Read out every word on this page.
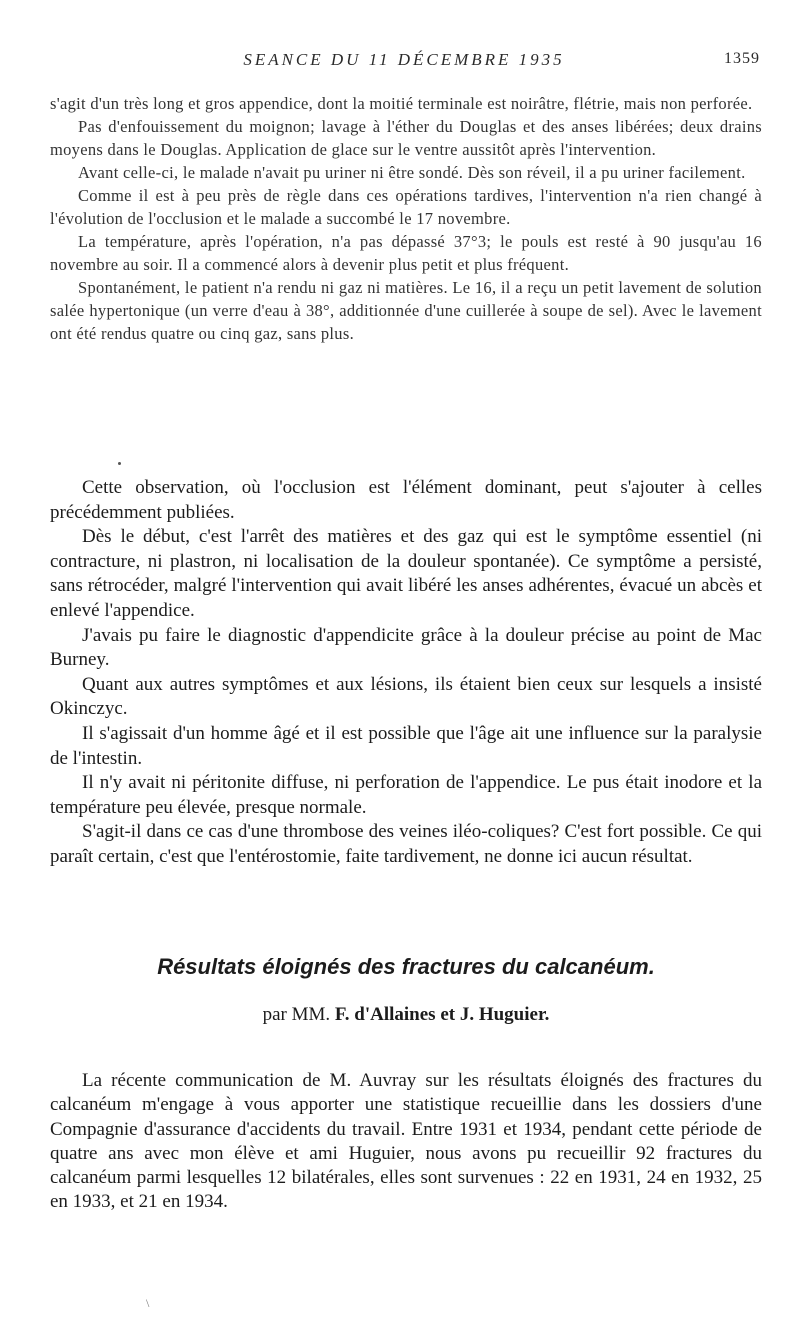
SEANCE DU 11 DÉCEMBRE 1935	1359

s'agit d'un très long et gros appendice, dont la moitié terminale est noirâtre, flétrie, mais non perforée.

Pas d'enfouissement du moignon; lavage à l'éther du Douglas et des anses libérées; deux drains moyens dans le Douglas. Application de glace sur le ventre aussitôt après l'intervention.

Avant celle-ci, le malade n'avait pu uriner ni être sondé. Dès son réveil, il a pu uriner facilement.

Comme il est à peu près de règle dans ces opérations tardives, l'intervention n'a rien changé à l'évolution de l'occlusion et le malade a succombé le 17 novembre.

La température, après l'opération, n'a pas dépassé 37°3; le pouls est resté à 90 jusqu'au 16 novembre au soir. Il a commencé alors à devenir plus petit et plus fréquent.

Spontanément, le patient n'a rendu ni gaz ni matières. Le 16, il a reçu un petit lavement de solution salée hypertonique (un verre d'eau à 38°, additionnée d'une cuillerée à soupe de sel). Avec le lavement ont été rendus quatre ou cinq gaz, sans plus.

Cette observation, où l'occlusion est l'élément dominant, peut s'ajouter à celles précédemment publiées.

Dès le début, c'est l'arrêt des matières et des gaz qui est le symptôme essentiel (ni contracture, ni plastron, ni localisation de la douleur spontanée). Ce symptôme a persisté, sans rétrocéder, malgré l'intervention qui avait libéré les anses adhérentes, évacué un abcès et enlevé l'appendice.

J'avais pu faire le diagnostic d'appendicite grâce à la douleur précise au point de Mac Burney.

Quant aux autres symptômes et aux lésions, ils étaient bien ceux sur lesquels a insisté Okinczyc.

Il s'agissait d'un homme âgé et il est possible que l'âge ait une influence sur la paralysie de l'intestin.

Il n'y avait ni péritonite diffuse, ni perforation de l'appendice. Le pus était inodore et la température peu élevée, presque normale.

S'agit-il dans ce cas d'une thrombose des veines iléo-coliques? C'est fort possible. Ce qui paraît certain, c'est que l'entérostomie, faite tardivement, ne donne ici aucun résultat.

Résultats éloignés des fractures du calcanéum.
par MM. F. d'Allaines et J. Huguier.

La récente communication de M. Auvray sur les résultats éloignés des fractures du calcanéum m'engage à vous apporter une statistique recueillie dans les dossiers d'une Compagnie d'assurance d'accidents du travail. Entre 1931 et 1934, pendant cette période de quatre ans avec mon élève et ami Huguier, nous avons pu recueillir 92 fractures du calcanéum parmi lesquelles 12 bilatérales, elles sont survenues : 22 en 1931, 24 en 1932, 25 en 1933, et 21 en 1934.

\
